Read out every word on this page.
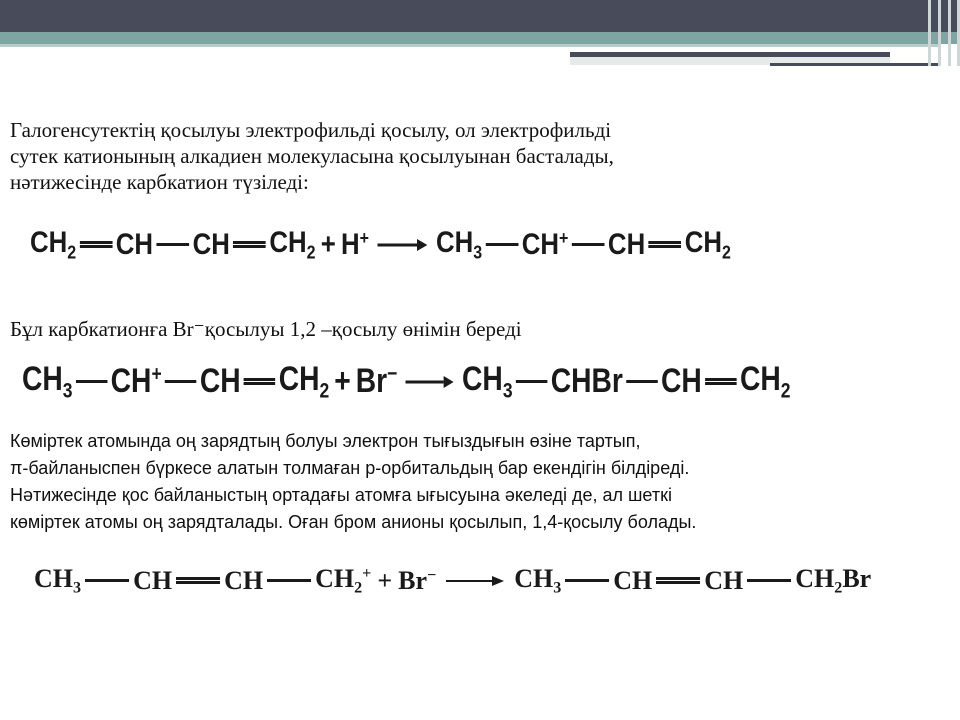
Галогенсутектің қосылуы электрофильді қосылу, ол электрофильді
сутек катионының алкадиен молекуласына қосылуынан басталады,
нәтижесінде карбкатион түзіледі:

$CH_2$ CH CH $CH_2 + H^+ \to CH_3$ CH+ CH $CH_2$

Бұл карбкатионға Br⁻қосылуы 1,2 –қосылу өнімін береді

$CH_3$ CH+ CH $CH_2 + Br^- \to CH_3$ CHBr CH $CH_2$

Көміртек атомында оң зарядтың болуы электрон тығыздығын өзіне тартып,
π-байланыспен бүркесе алатын толмаған р-орбитальдың бар екендігін білдіреді.
Нәтижесінде қос байланыстың ортадағы атомға ығысуына әкеледі де, ал шеткі
көміртек атомы оң зарядталады. Оған бром анионы қосылып, 1,4-қосылу болады.

$CH_3$ CH CH $CH_2^+ + Br^- \to CH_3$ CH CH $CH_2Br$
